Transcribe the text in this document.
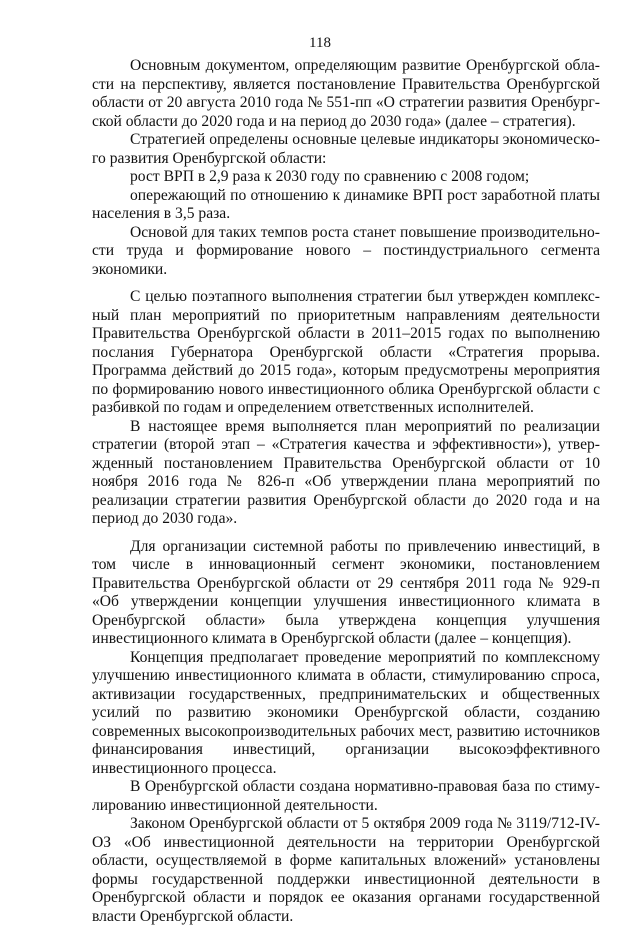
118

Основным документом, определяющим развитие Оренбургской области на перспективу, является постановление Правительства Оренбургской области от 20 августа 2010 года № 551-пп «О стратегии развития Оренбургской области до 2020 года и на период до 2030 года» (далее – стратегия).

Стратегией определены основные целевые индикаторы экономического развития Оренбургской области:

рост ВРП в 2,9 раза к 2030 году по сравнению с 2008 годом;

опережающий по отношению к динамике ВРП рост заработной платы населения в 3,5 раза.

Основой для таких темпов роста станет повышение производительности труда и формирование нового – постиндустриального сегмента экономики.

С целью поэтапного выполнения стратегии был утвержден комплексный план мероприятий по приоритетным направлениям деятельности Правительства Оренбургской области в 2011–2015 годах по выполнению послания Губернатора Оренбургской области «Стратегия прорыва. Программа действий до 2015 года», которым предусмотрены мероприятия по формированию нового инвестиционного облика Оренбургской области с разбивкой по годам и определением ответственных исполнителей.

В настоящее время выполняется план мероприятий по реализации стратегии (второй этап – «Стратегия качества и эффективности»), утвержденный постановлением Правительства Оренбургской области от 10 ноября 2016 года № 826-п «Об утверждении плана мероприятий по реализации стратегии развития Оренбургской области до 2020 года и на период до 2030 года».

Для организации системной работы по привлечению инвестиций, в том числе в инновационный сегмент экономики, постановлением Правительства Оренбургской области от 29 сентября 2011 года № 929-п «Об утверждении концепции улучшения инвестиционного климата в Оренбургской области» была утверждена концепция улучшения инвестиционного климата в Оренбургской области (далее – концепция).

Концепция предполагает проведение мероприятий по комплексному улучшению инвестиционного климата в области, стимулированию спроса, активизации государственных, предпринимательских и общественных усилий по развитию экономики Оренбургской области, созданию современных высокопроизводительных рабочих мест, развитию источников финансирования инвестиций, организации высокоэффективного инвестиционного процесса.

В Оренбургской области создана нормативно-правовая база по стимулированию инвестиционной деятельности.

Законом Оренбургской области от 5 октября 2009 года № 3119/712-IV-ОЗ «Об инвестиционной деятельности на территории Оренбургской области, осуществляемой в форме капитальных вложений» установлены формы государственной поддержки инвестиционной деятельности в Оренбургской области и порядок ее оказания органами государственной власти Оренбургской области.
